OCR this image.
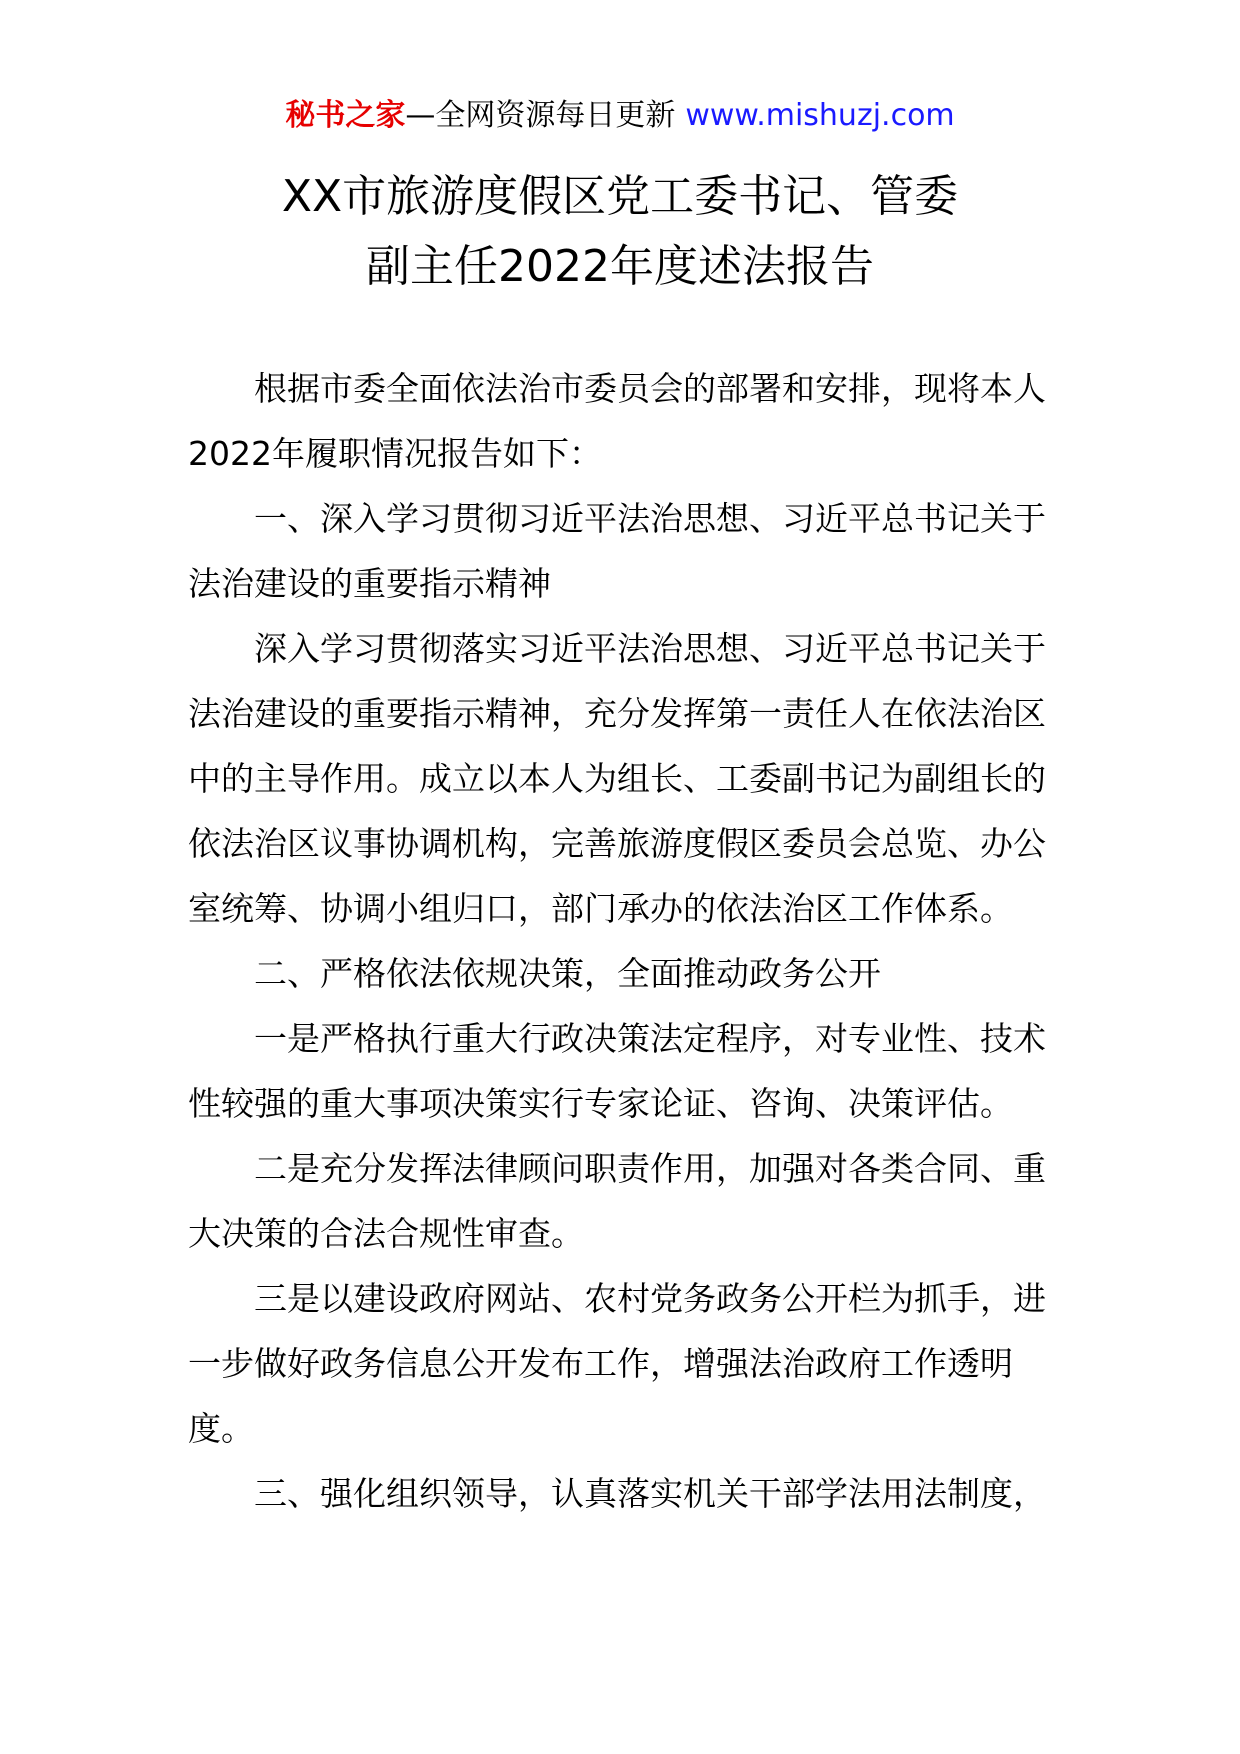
秘书之家—全网资源每日更新 www.mishuzj.com
XX市旅游度假区党工委书记、管委
副主任2022年度述法报告

根据市委全面依法治市委员会的部署和安排，现将本人2022年履职情况报告如下：

一、深入学习贯彻习近平法治思想、习近平总书记关于法治建设的重要指示精神

深入学习贯彻落实习近平法治思想、习近平总书记关于法治建设的重要指示精神，充分发挥第一责任人在依法治区中的主导作用。成立以本人为组长、工委副书记为副组长的依法治区议事协调机构，完善旅游度假区委员会总览、办公室统筹、协调小组归口，部门承办的依法治区工作体系。

二、严格依法依规决策，全面推动政务公开

一是严格执行重大行政决策法定程序，对专业性、技术性较强的重大事项决策实行专家论证、咨询、决策评估。

二是充分发挥法律顾问职责作用，加强对各类合同、重大决策的合法合规性审查。

三是以建设政府网站、农村党务政务公开栏为抓手，进一步做好政务信息公开发布工作，增强法治政府工作透明度。

三、强化组织领导，认真落实机关干部学法用法制度，
